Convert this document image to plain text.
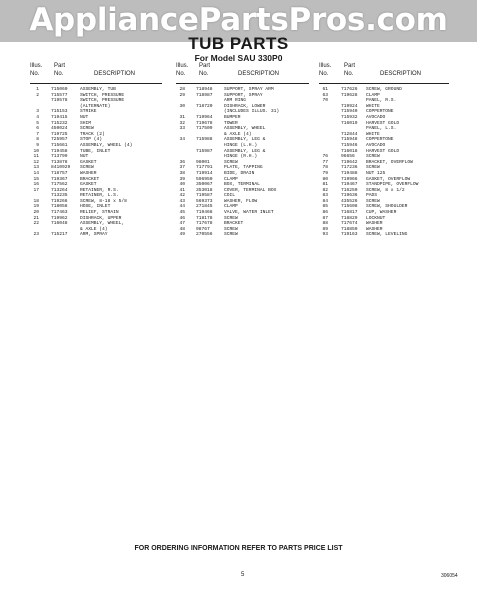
AppliancePartsPros.com
TUB PARTS
For Model SAU 330P0
Illus.
No.
Part
No.	DESCRIPTION
1	715060	ASSEMBLY, TUB
2	715577	SWITCH, PRESSURE
719578	SWITCH, PRESSURE
(ALTERNATE)
3	715153	STRIKE
4	719415	NUT
5	715232	SHIM
6	450024	SCREW
7	719725	TRACK (2)
8	725957	STOP (4)
9	715661	ASSEMBLY, WHEEL (4)
10	719458	TUBE, INLET
11	713799	NUT
12	713878	GASKET
13	8410929 SCREW
14	718757	WASHER
15	719367	BRACKET
16	717562	GASKET
17	713264	RETAINER, R.S.
713235	RETAINER, L.S.
18	719266	SCREW, 8-18 x 5/8
19	718058	HOSE, INLET
20	717463	RELIEF, STRAIN
21	719962	DISHRACK, UPPER
22	716048	ASSEMBLY, WHEEL,
& AXLE (4)
23	715217	ARM, SPRAY
Illus.
No.
Part
No.	DESCRIPTION
28 718948 SUPPORT, SPRAY ARM
29 718987 SUPPORT, SPRAY
ARM RING
30 718720 DISHRACK, LOWER
(INCLUDES ILLUS. 31)
31 719964 BUMPER
32 719678 TOWER
33 717509 ASSEMBLY, WHEEL
& AXLE (4)
34 715988 ASSEMBLY, LEG &
HINGE (L.H.)
715987 ASSEMBLY, LEG &
HINGE (R.H.)
36 98001	SCREW
37 717791 PLATE, TAPPING
38 719914 BIDE, DRAIN
39 596950 CLAMP
40 350067 BOX, TERMINAL
41 353018 COVER, TERMINAL BOX
42 719587 COIL
43 569373 WASHER, FLOW
44 271845 CLAMP
45 719468 VALVE, WATER INLET
46 718178 SCREW
47 717678 BRACKET
48 98767	SCREW
49 270556 SCREW
Illus.
No.
Part
No.	DESCRIPTION
61	717626 SCREW, GROUND
63	719628 CLAMP
70	PANEL, R.S.
719924 WHITE
715940 COPPERTONE
715932 AVOCADO
716019 HARVEST GOLD
PANEL, L.S.
712844 WHITE
715948 COPPERTONE
715946 AVOCADO
716018 HARVEST GOLD
76	96656 SCREW
77	719642 BRACKET, OVERFLOW
78	717236 SCREW
79	719488 NUT 125
80	719966 GASKET, OVERFLOW
81	719467 STANDPIPE, OVERFLOW
82	716250 SCREW, 8 x 1/2
83	719636 PADS
84	435526 SCREW
85	715608 SCREW, SHOULDER
86	716817 CUP, WASHER
87	718829 LOCKNUT
88	717674 WASHER
89	718850 WASHER
93	719163 SCREW, LEVELING
FOR ORDERING INFORMATION REFER TO PARTS PRICE LIST
5	306054
